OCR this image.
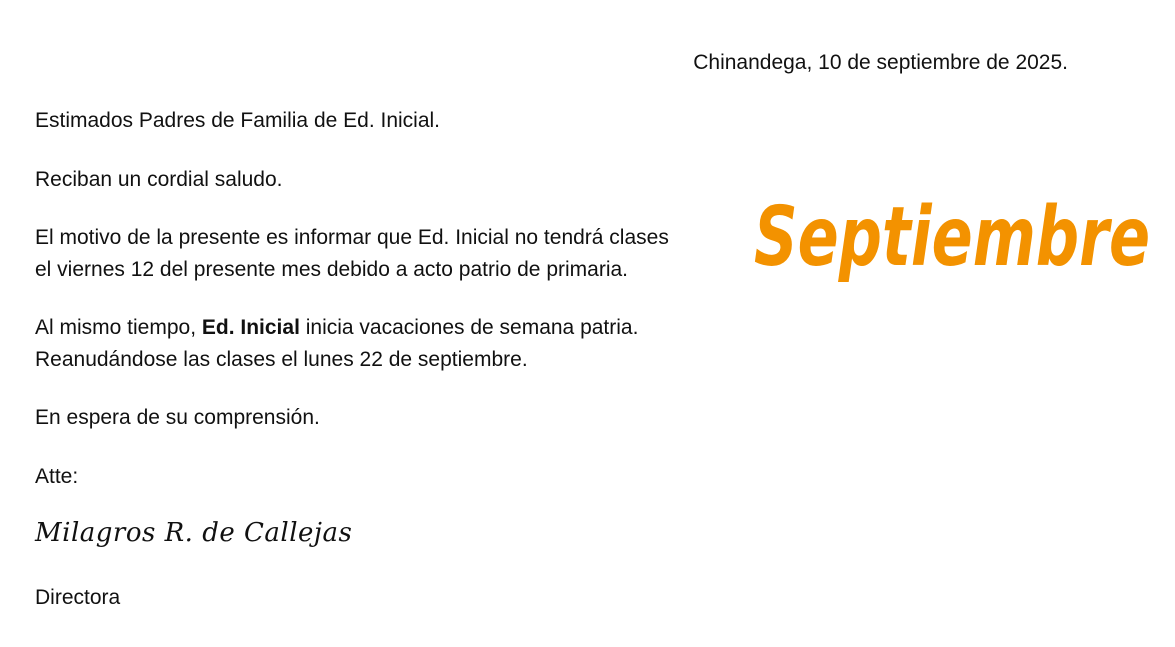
Chinandega, 10 de septiembre de 2025.

Estimados Padres de Familia de Ed. Inicial.

Reciban un cordial saludo.

El motivo de la presente es informar que Ed. Inicial no tendrá clases
el viernes 12 del presente mes debido a acto patrio de primaria.

Al mismo tiempo, Ed. Inicial inicia vacaciones de semana patria.
Reanudándose las clases el lunes 22 de septiembre.

En espera de su comprensión.

Atte:

Milagros R. de Callejas

Directora

Septiembre
